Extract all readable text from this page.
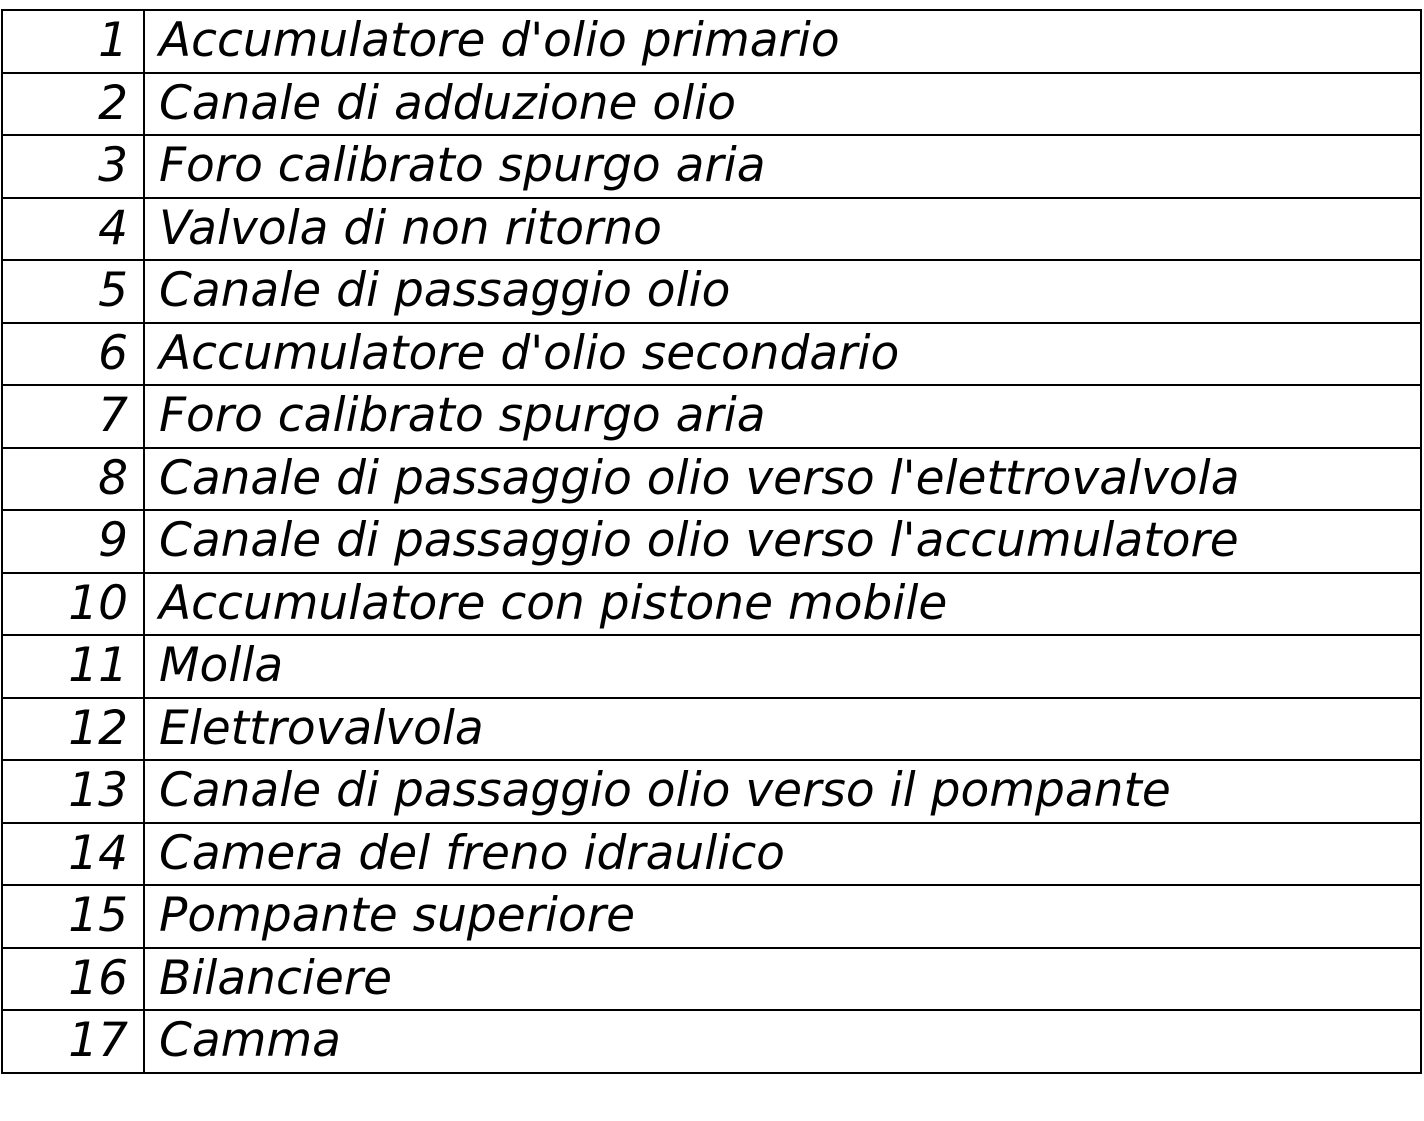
1	Accumulatore d'olio primario
2	Canale di adduzione olio
3	Foro calibrato spurgo aria
4	Valvola di non ritorno
5	Canale di passaggio olio
6	Accumulatore d'olio secondario
7	Foro calibrato spurgo aria
8	Canale di passaggio olio verso l'elettrovalvola
9	Canale di passaggio olio verso l'accumulatore
10	Accumulatore con pistone mobile
11	Molla
12	Elettrovalvola
13	Canale di passaggio olio verso il pompante
14	Camera del freno idraulico
15	Pompante superiore
16	Bilanciere
17	Camma
